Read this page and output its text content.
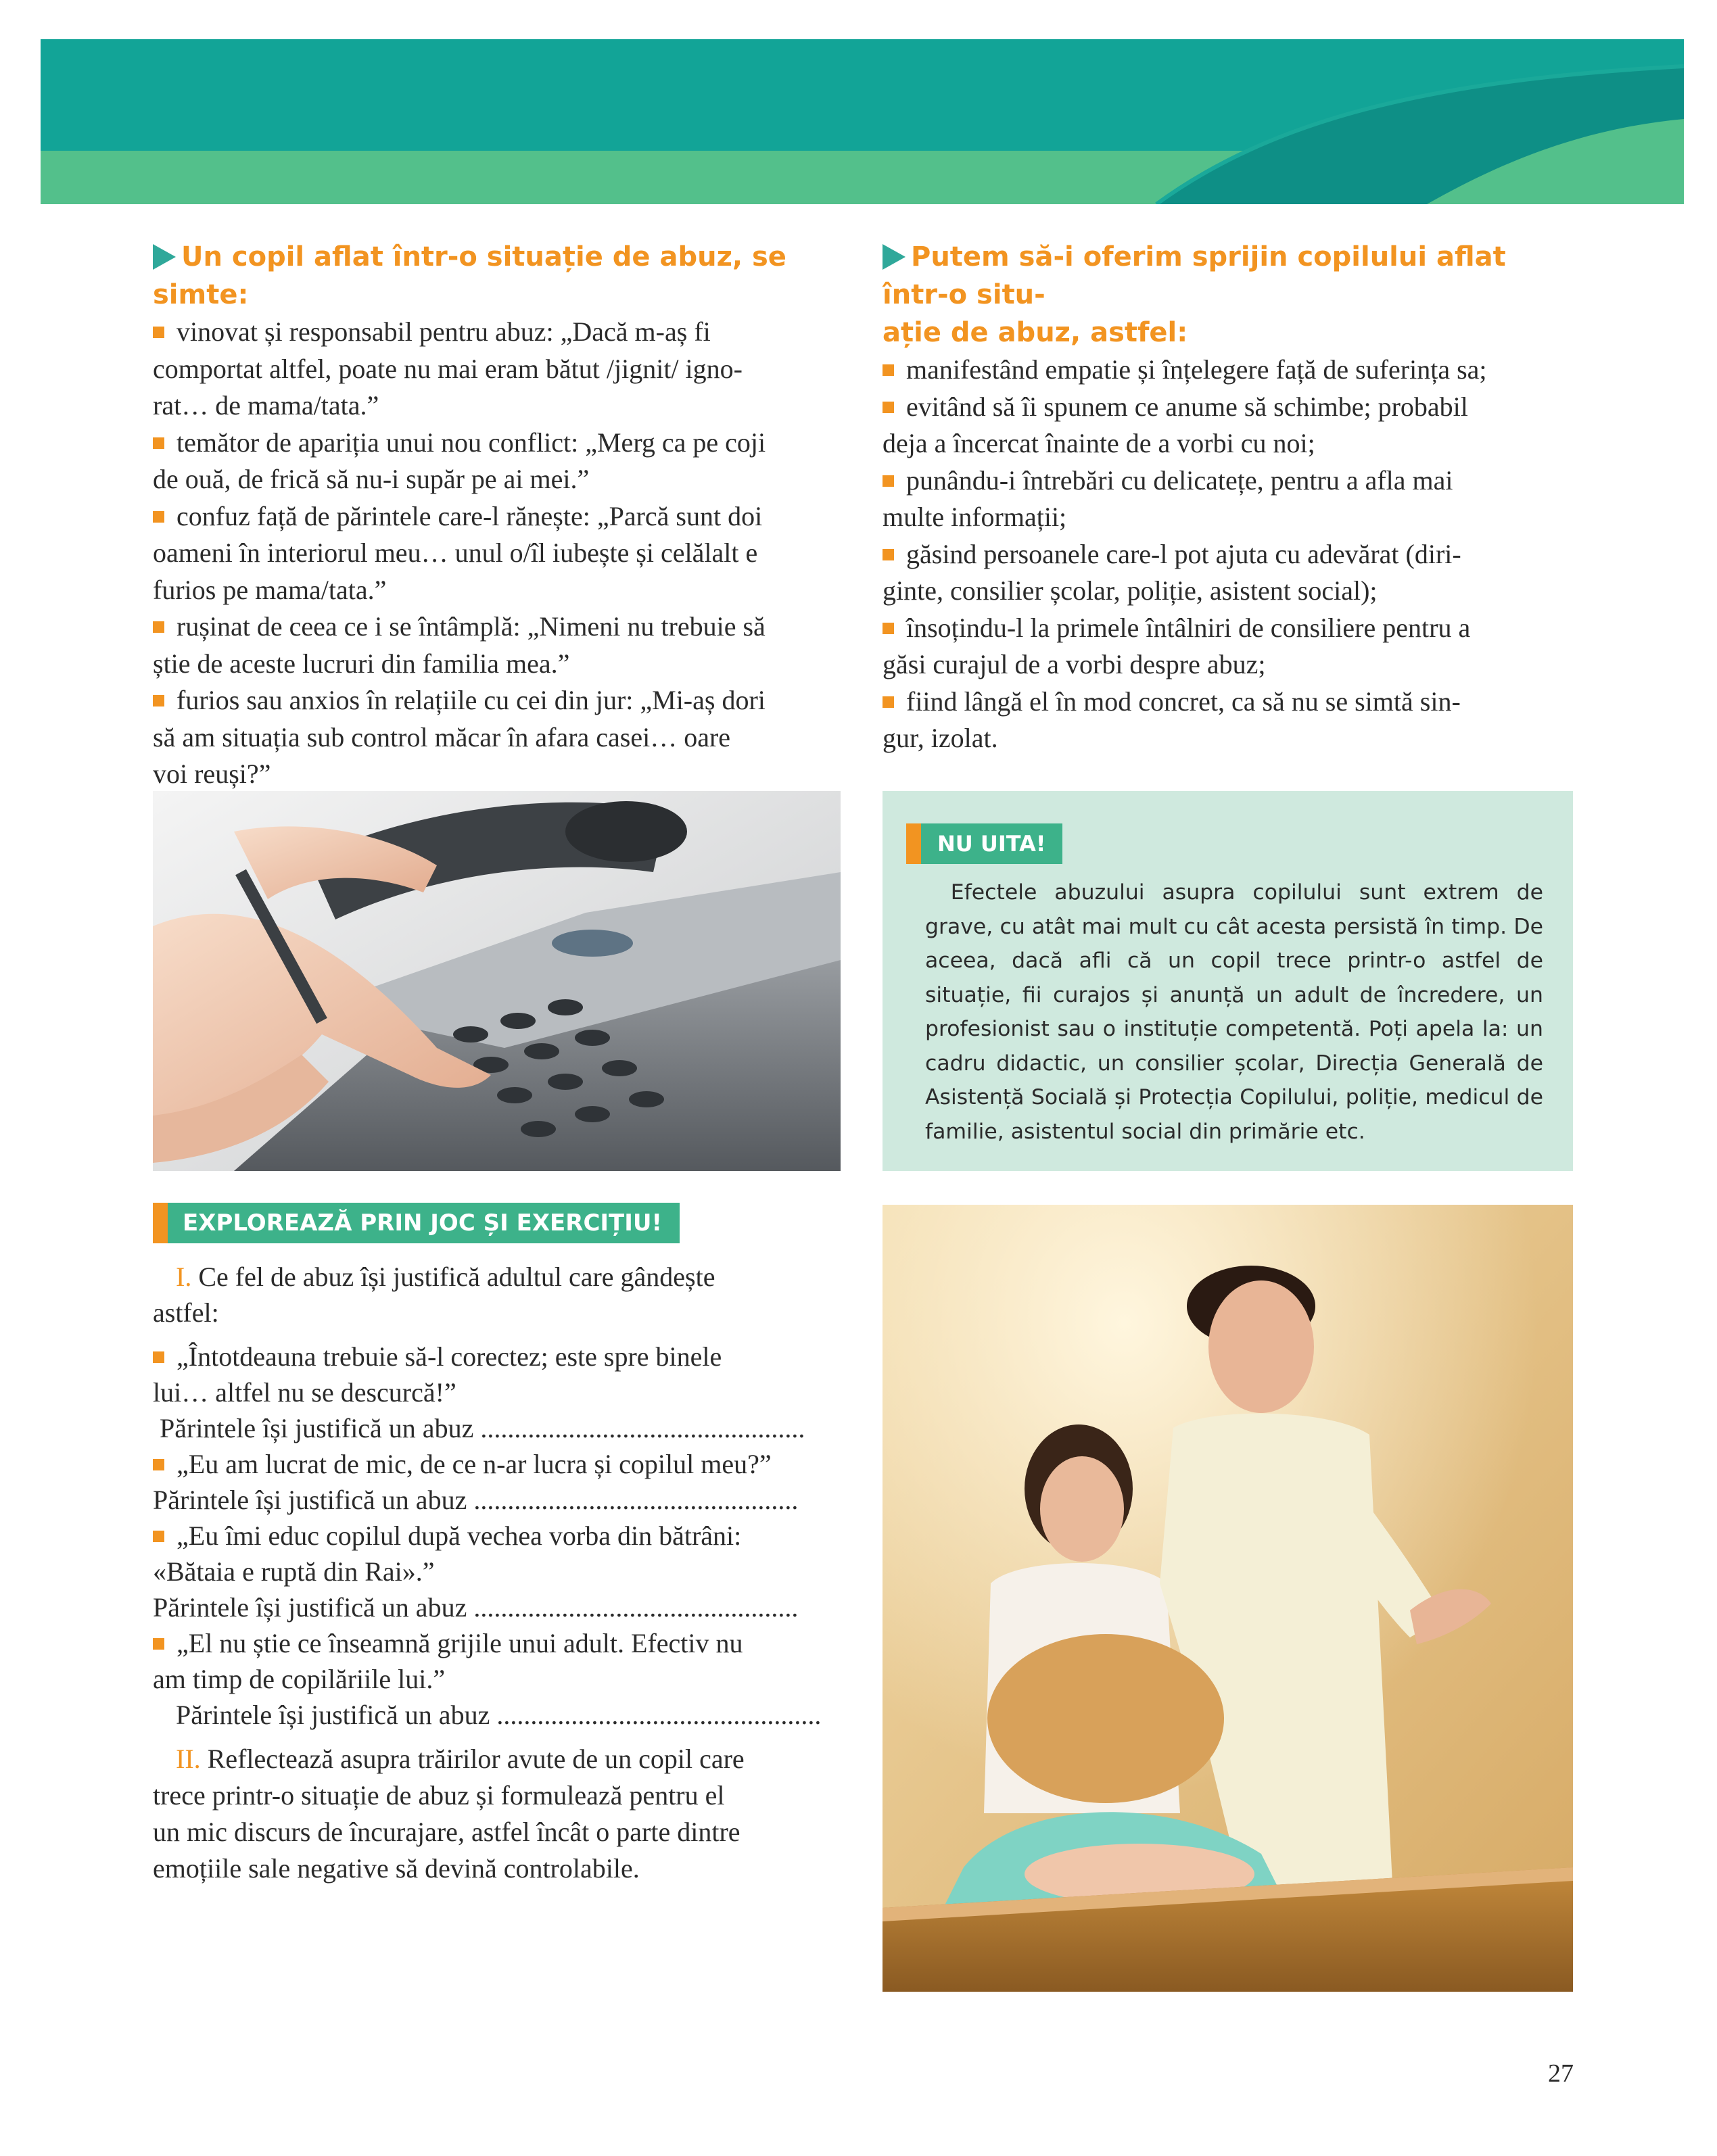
Un copil aflat într-o situație de abuz, se simte:
vinovat și responsabil pentru abuz: „Dacă m-aș fi
comportat altfel, poate nu mai eram bătut /jignit/ igno-
rat… de mama/tata.”
temător de apariția unui nou conflict: „Merg ca pe coji
de ouă, de frică să nu-i supăr pe ai mei.”
confuz față de părintele care-l rănește: „Parcă sunt doi
oameni în interiorul meu… unul o/îl iubește și celălalt e
furios pe mama/tata.”
rușinat de ceea ce i se întâmplă: „Nimeni nu trebuie să
știe de aceste lucruri din familia mea.”
furios sau anxios în relațiile cu cei din jur: „Mi-aș dori
să am situația sub control măcar în afara casei… oare
voi reuși?”
Putem să-i oferim sprijin copilului aflat într-o situ-
ație de abuz, astfel:
manifestând empatie și înțelegere față de suferința sa;
evitând să îi spunem ce anume să schimbe; probabil
deja a încercat înainte de a vorbi cu noi;
punându-i întrebări cu delicatețe, pentru a afla mai
multe informații;
găsind persoanele care-l pot ajuta cu adevărat (diri-
ginte, consilier școlar, poliție, asistent social);
însoțindu-l la primele întâlniri de consiliere pentru a
găsi curajul de a vorbi despre abuz;
fiind lângă el în mod concret, ca să nu se simtă sin-
gur, izolat.
NU UITA!
Efectele abuzului asupra copilului sunt extrem de grave, cu atât mai mult cu cât acesta persistă în timp. De aceea, dacă afli că un copil trece printr-o astfel de situație, fii curajos și anunță un adult de încredere, un profesionist sau o instituție competentă. Poți apela la: un cadru didactic, un consilier școlar, Direcția Generală de Asistență Socială și Protecția Copilului, poliție, medicul de familie, asistentul social din primărie etc.
EXPLOREAZĂ PRIN JOC ȘI EXERCIȚIU!
I. Ce fel de abuz își justifică adultul care gândește
astfel:
„Întotdeauna trebuie să-l corectez; este spre binele
lui… altfel nu se descurcă!”
Părintele își justifică un abuz ................................................
„Eu am lucrat de mic, de ce n-ar lucra și copilul meu?”
Părintele își justifică un abuz ................................................
„Eu îmi educ copilul după vechea vorba din bătrâni:
«Bătaia e ruptă din Rai».”
Părintele își justifică un abuz ................................................
„El nu știe ce înseamnă grijile unui adult. Efectiv nu
am timp de copilăriile lui.”
Părintele își justifică un abuz ................................................
II. Reflectează asupra trăirilor avute de un copil care
trece printr-o situație de abuz și formulează pentru el
un mic discurs de încurajare, astfel încât o parte dintre
emoțiile sale negative să devină controlabile.
27
